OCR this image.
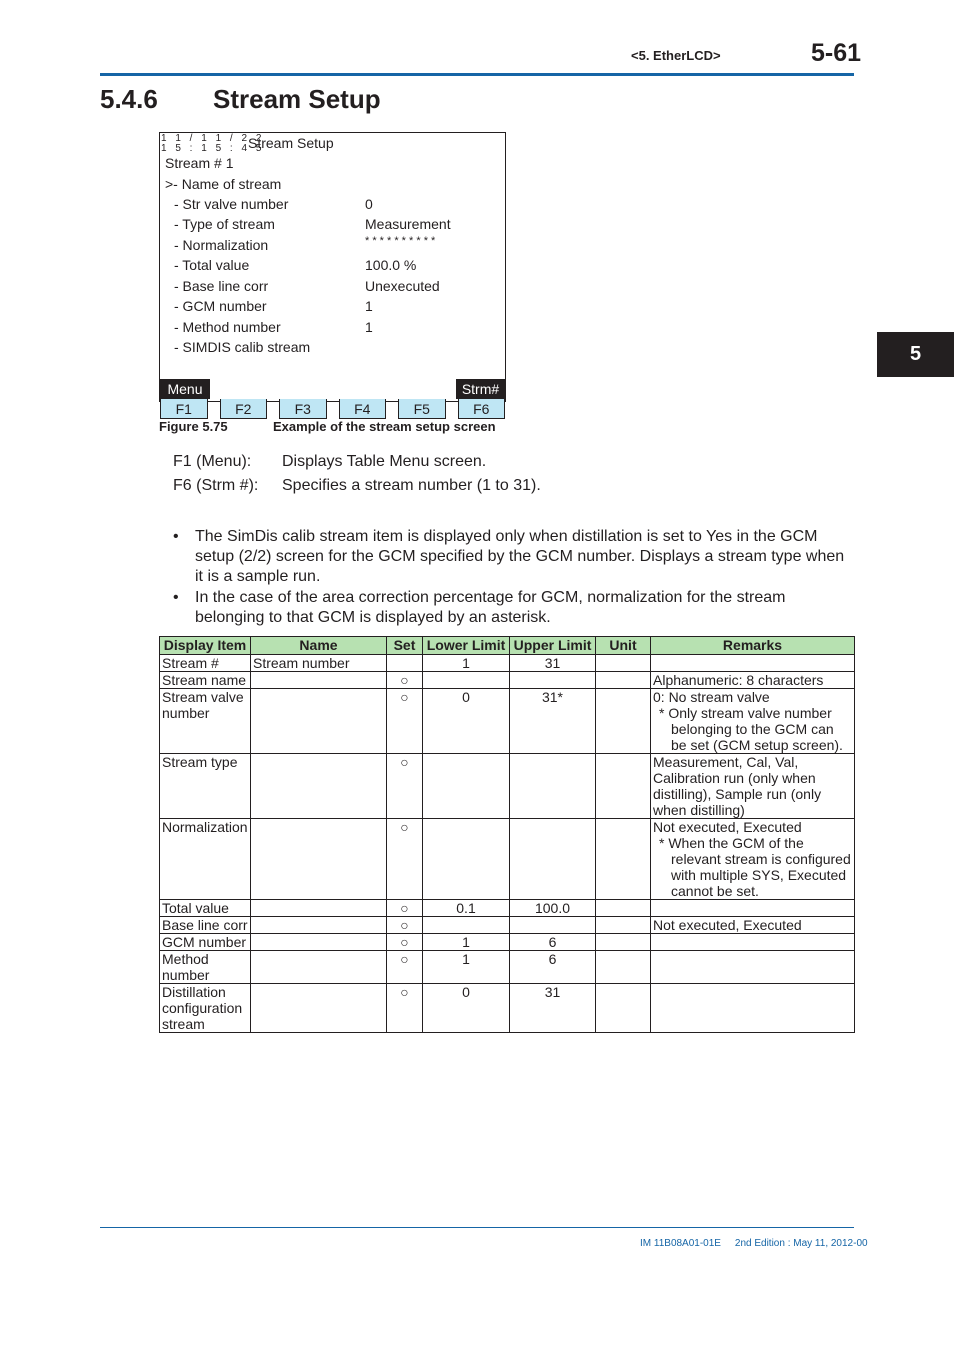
<5. EtherLCD>	5-61
5.4.6 Stream Setup
5
1 1 / 1 1 / 2 2
1 5 : 1 5 : 4 5
Stream Setup
Stream # 1
>- Name of stream
- Str valve number	0
- Type of stream	Measurement
- Normalization	* * * * * * * * * *
- Total value	100.0 %
- Base line corr	Unexecuted
- GCM number	1
- Method number	1
- SIMDIS calib stream
Menu	Strm#
F1	F2	F3	F4	F5	F6
Figure 5.75	Example of the stream setup screen
F1 (Menu): Displays Table Menu screen.
F6 (Strm #): Specifies a stream number (1 to 31).
• The SimDis calib stream item is displayed only when distillation is set to Yes in the GCM setup (2/2) screen for the GCM specified by the GCM number. Displays a stream type when it is a sample run.
• In the case of the area correction percentage for GCM, normalization for the stream belonging to that GCM is displayed by an asterisk.
Display Item	Name	Set	Lower Limit	Upper Limit	Unit	Remarks
Stream #	Stream number		1	31		
Stream name		○				Alphanumeric: 8 characters
Stream valve number		○	0	31*		0: No stream valve
* Only stream valve number
belonging to the GCM can be set (GCM setup screen).

Stream type		○				Measurement, Cal, Val, Calibration run (only when distilling), Sample run (only when distilling)
Normalization		○				Not executed, Executed
* When the GCM of the
relevant stream is configured with multiple SYS, Executed cannot be set.

Total value		○	0.1	100.0		
Base line corr		○				Not executed, Executed
GCM number		○	1	6		
Method number		○	1	6		
Distillation configuration stream		○	0	31		
IM 11B08A01-01E 2nd Edition : May 11, 2012-00
